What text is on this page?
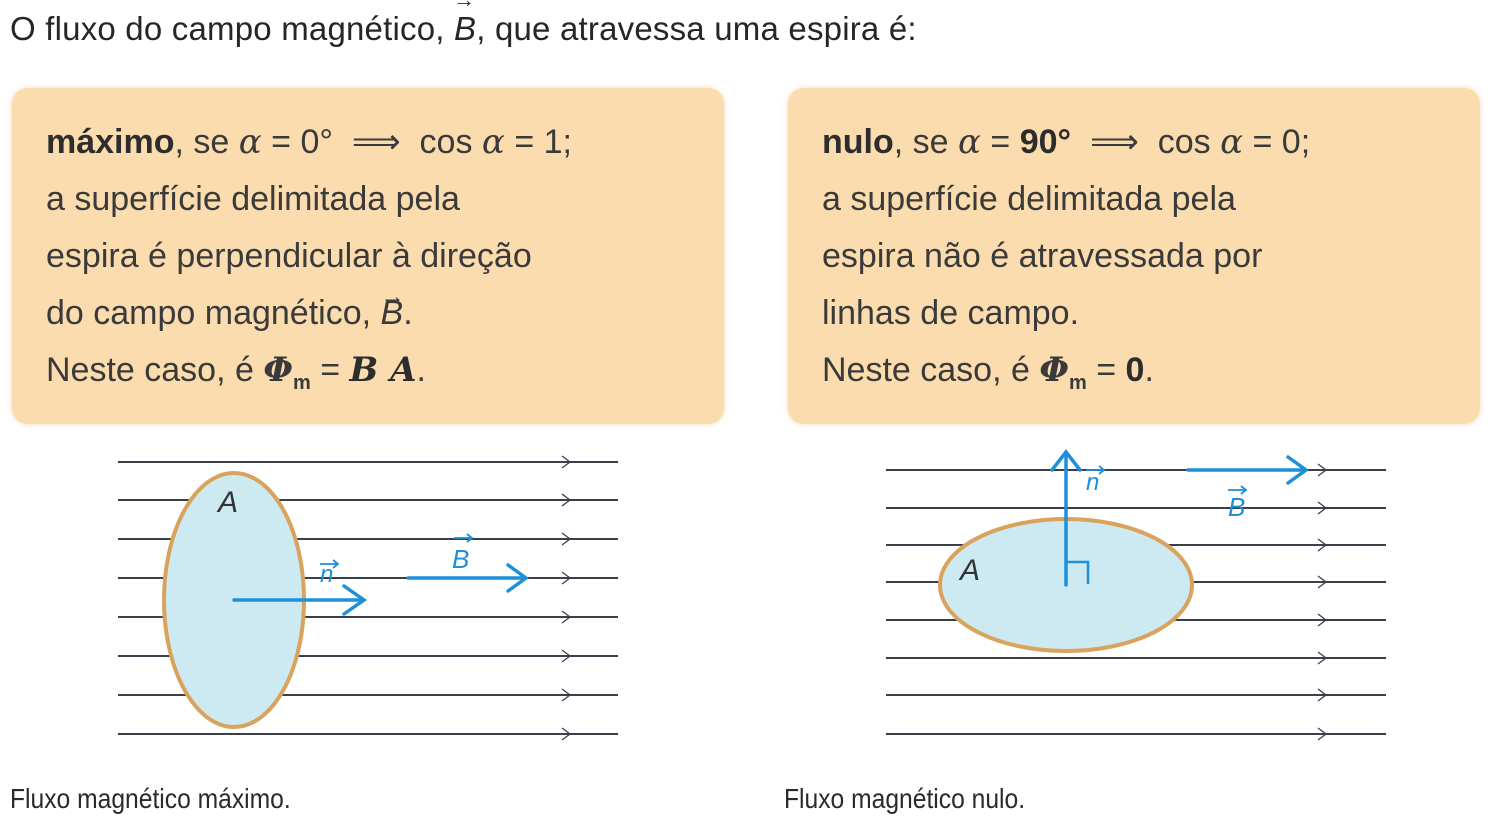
O fluxo do campo magnético, → B, que atravessa uma espira é:
máximo, se α = 0° ⟹ cos α = 1;
a superfície delimitada pela
espira é perpendicular à direção
do campo magnético, → B.
Neste caso, é $\Phi_m = B$ A.
nulo, se α = 90° ⟹ cos α = 0;
a superfície delimitada pela
espira não é atravessada por
linhas de campo.
Neste caso, é $\Phi_m = 0$.
A
n
B	A
n
B
Fluxo magnético máximo.	Fluxo magnético nulo.
